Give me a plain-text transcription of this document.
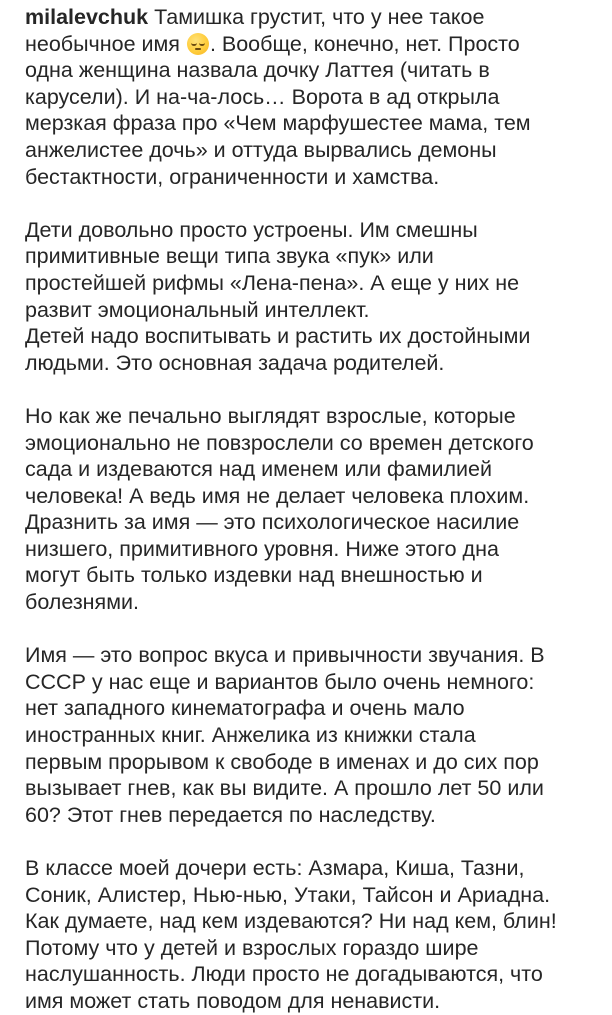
milalevchuk Тамишка грустит, что у нее такое
необычное имя
. Вообще, конечно, нет. Просто
одна женщина назвала дочку Латтея (читать в
карусели). И на-ча-лось… Ворота в ад открыла
мерзкая фраза про «Чем марфушестее мама, тем
анжелистее дочь» и оттуда вырвались демоны
бестактности, ограниченности и хамства.
Дети довольно просто устроены. Им смешны
примитивные вещи типа звука «пук» или
простейшей рифмы «Лена-пена». А еще у них не
развит эмоциональный интеллект.
Детей надо воспитывать и растить их достойными
людьми. Это основная задача родителей.
Но как же печально выглядят взрослые, которые
эмоционально не повзрослели со времен детского
сада и издеваются над именем или фамилией
человека! А ведь имя не делает человека плохим.
Дразнить за имя — это психологическое насилие
низшего, примитивного уровня. Ниже этого дна
могут быть только издевки над внешностью и
болезнями.
Имя — это вопрос вкуса и привычности звучания. В
СССР у нас еще и вариантов было очень немного:
нет западного кинематографа и очень мало
иностранных книг. Анжелика из книжки стала
первым прорывом к свободе в именах и до сих пор
вызывает гнев, как вы видите. А прошло лет 50 или
60? Этот гнев передается по наследству.
В классе моей дочери есть: Азмара, Киша, Тазни,
Соник, Алистер, Нью-нью, Утаки, Тайсон и Ариадна.
Как думаете, над кем издеваются? Ни над кем, блин!
Потому что у детей и взрослых гораздо шире
наслушанность. Люди просто не догадываются, что
имя может стать поводом для ненависти.
